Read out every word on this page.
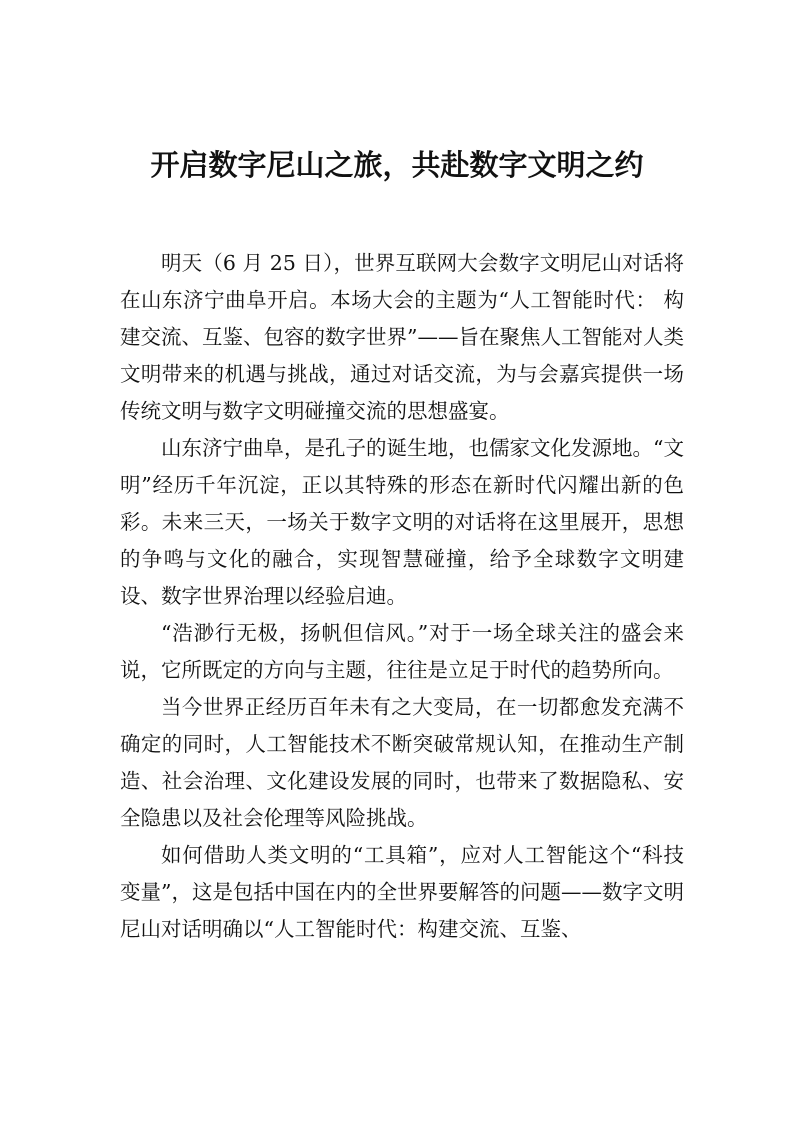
开启数字尼山之旅，共赴数字文明之约

明天（6 月 25 日），世界互联网大会数字文明尼山对话将在山东济宁曲阜开启。本场大会的主题为“人工智能时代： 构建交流、互鉴、包容的数字世界”——旨在聚焦人工智能对人类文明带来的机遇与挑战，通过对话交流，为与会嘉宾提供一场传统文明与数字文明碰撞交流的思想盛宴。

山东济宁曲阜，是孔子的诞生地，也儒家文化发源地。“文明”经历千年沉淀，正以其特殊的形态在新时代闪耀出新的色彩。未来三天，一场关于数字文明的对话将在这里展开，思想的争鸣与文化的融合，实现智慧碰撞，给予全球数字文明建设、数字世界治理以经验启迪。

“浩渺行无极，扬帆但信风。”对于一场全球关注的盛会来说，它所既定的方向与主题，往往是立足于时代的趋势所向。

当今世界正经历百年未有之大变局，在一切都愈发充满不确定的同时，人工智能技术不断突破常规认知，在推动生产制造、社会治理、文化建设发展的同时，也带来了数据隐私、安全隐患以及社会伦理等风险挑战。

如何借助人类文明的“工具箱”，应对人工智能这个“科技变量”，这是包括中国在内的全世界要解答的问题——数字文明尼山对话明确以“人工智能时代：构建交流、互鉴、
